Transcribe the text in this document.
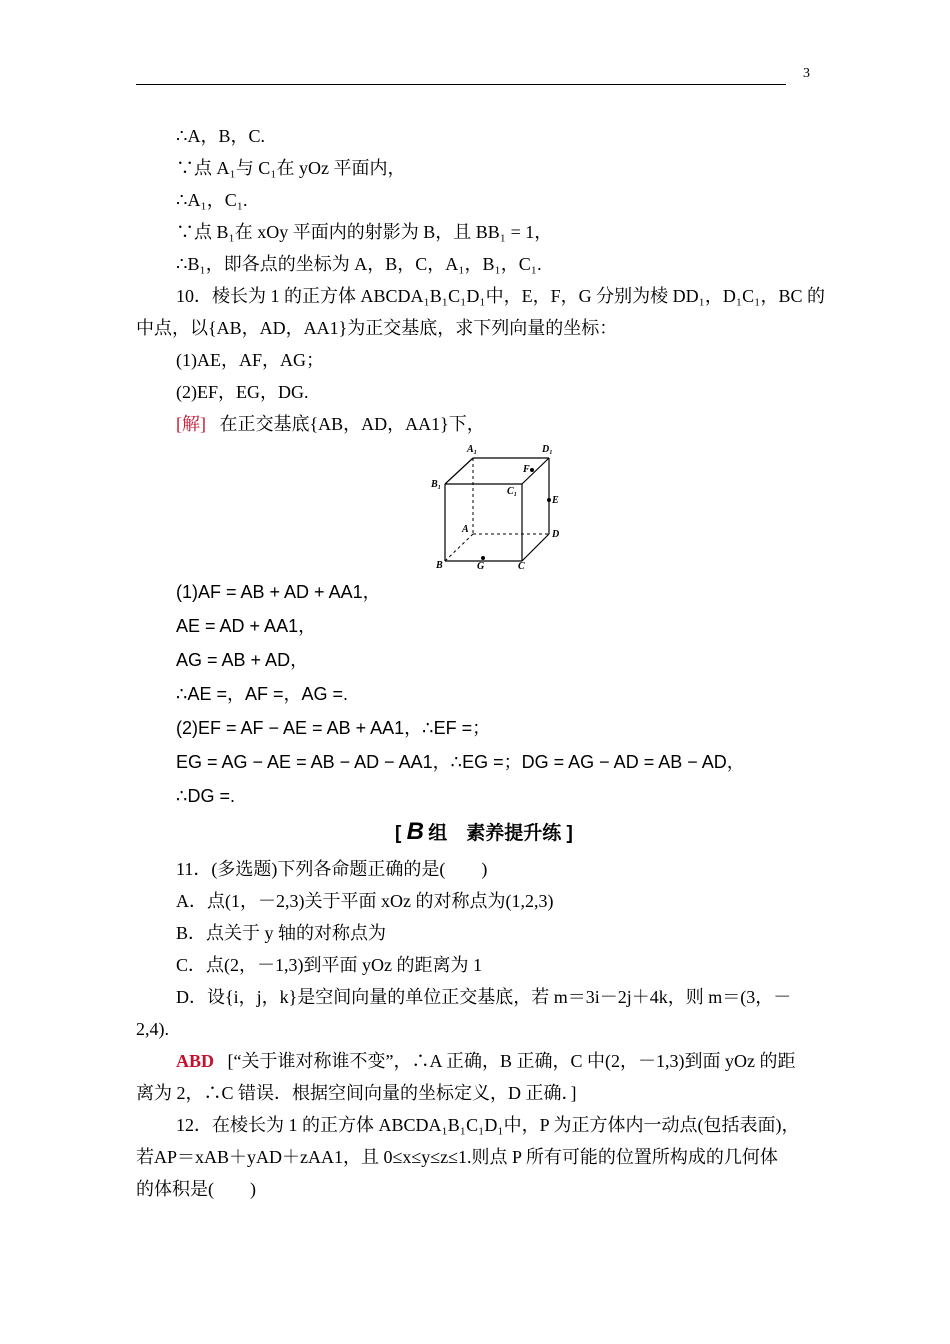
3
∴A，B，C.
∵点 A₁与 C₁在 yOz 平面内，
∴A₁，C₁.
∵点 B₁在 xOy 平面内的射影为 B，且 BB₁ = 1，
∴B₁，即各点的坐标为 A，B，C，A₁，B₁，C₁.
10．棱长为 1 的正方体 ABCDA₁B₁C₁D₁中，E，F，G 分别为棱 DD₁，D₁C₁，BC 的
中点，以{AB，AD，AA1}为正交基底，求下列向量的坐标：
(1)AE，AF，AG；
(2)EF，EG，DG.
[解] 在正交基底{AB，AD，AA1}下，
A₁	D₁
F
B₁
C₁
E
A	D
B	G	C
(1)AF = AB + AD + AA1，
AE = AD + AA1，
AG = AB + AD，
∴AE =，AF =，AG =.
(2)EF = AF − AE = AB + AA1，∴EF =；
EG = AG − AE = AB − AD − AA1，∴EG =；DG = AG − AD = AB − AD，
∴DG =.
[ B 组　素养提升练 ]
11．(多选题)下列各命题正确的是(　　)
A．点(1，－2,3)关于平面 xOz 的对称点为(1,2,3)
B．点关于 y 轴的对称点为
C．点(2，－1,3)到平面 yOz 的距离为 1
D．设{i，j，k}是空间向量的单位正交基底，若 m＝3i－2j＋4k，则 m＝(3，－
2,4).
ABD [“关于谁对称谁不变”，∴A 正确，B 正确，C 中(2，－1,3)到面 yOz 的距
离为 2，∴C 错误．根据空间向量的坐标定义，D 正确．]
12．在棱长为 1 的正方体 ABCDA₁B₁C₁D₁中，P 为正方体内一动点(包括表面)，
若AP＝xAB＋yAD＋zAA1，且 0≤x≤y≤z≤1.则点 P 所有可能的位置所构成的几何体
的体积是(　　)
